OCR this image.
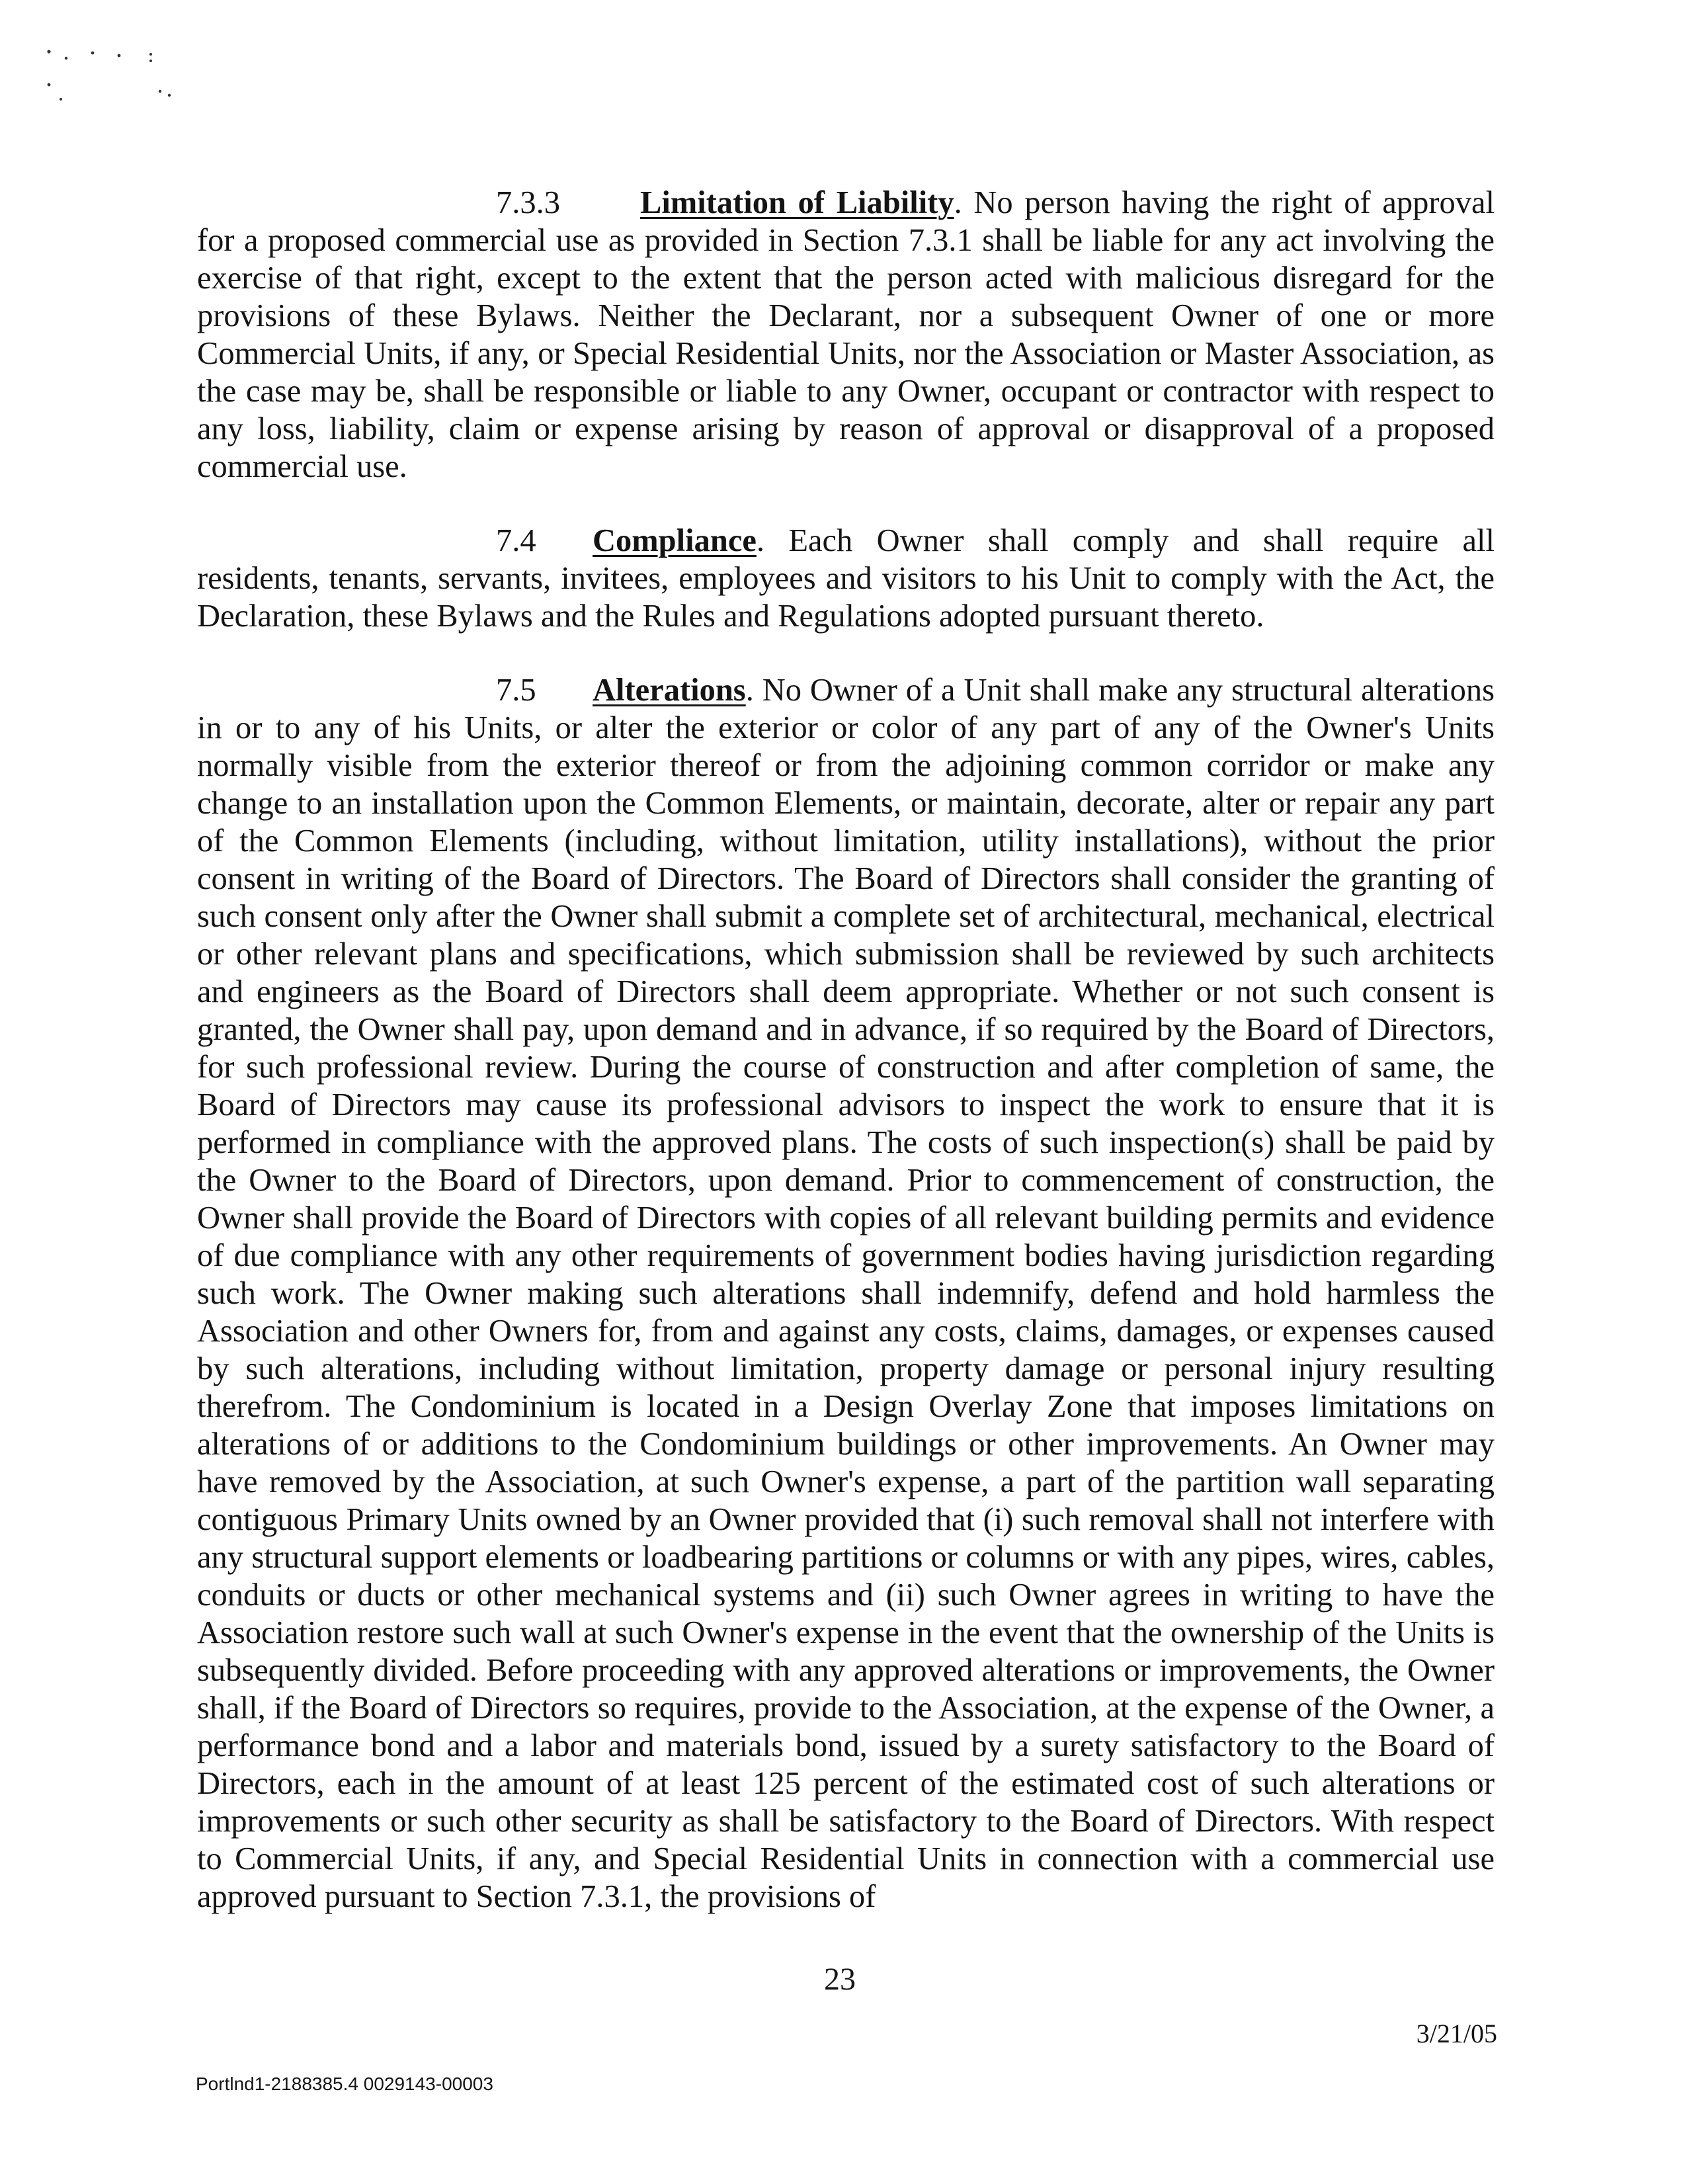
7.3.3 Limitation of Liability. No person having the right of approval for a proposed commercial use as provided in Section 7.3.1 shall be liable for any act involving the exercise of that right, except to the extent that the person acted with malicious disregard for the provisions of these Bylaws. Neither the Declarant, nor a subsequent Owner of one or more Commercial Units, if any, or Special Residential Units, nor the Association or Master Association, as the case may be, shall be responsible or liable to any Owner, occupant or contractor with respect to any loss, liability, claim or expense arising by reason of approval or disapproval of a proposed commercial use.

7.4 Compliance. Each Owner shall comply and shall require all residents, tenants, servants, invitees, employees and visitors to his Unit to comply with the Act, the Declaration, these Bylaws and the Rules and Regulations adopted pursuant thereto.

7.5 Alterations. No Owner of a Unit shall make any structural alterations in or to any of his Units, or alter the exterior or color of any part of any of the Owner's Units normally visible from the exterior thereof or from the adjoining common corridor or make any change to an installation upon the Common Elements, or maintain, decorate, alter or repair any part of the Common Elements (including, without limitation, utility installations), without the prior consent in writing of the Board of Directors. The Board of Directors shall consider the granting of such consent only after the Owner shall submit a complete set of architectural, mechanical, electrical or other relevant plans and specifications, which submission shall be reviewed by such architects and engineers as the Board of Directors shall deem appropriate. Whether or not such consent is granted, the Owner shall pay, upon demand and in advance, if so required by the Board of Directors, for such professional review. During the course of construction and after completion of same, the Board of Directors may cause its professional advisors to inspect the work to ensure that it is performed in compliance with the approved plans. The costs of such inspection(s) shall be paid by the Owner to the Board of Directors, upon demand. Prior to commencement of construction, the Owner shall provide the Board of Directors with copies of all relevant building permits and evidence of due compliance with any other requirements of government bodies having jurisdiction regarding such work. The Owner making such alterations shall indemnify, defend and hold harmless the Association and other Owners for, from and against any costs, claims, damages, or expenses caused by such alterations, including without limitation, property damage or personal injury resulting therefrom. The Condominium is located in a Design Overlay Zone that imposes limitations on alterations of or additions to the Condominium buildings or other improvements. An Owner may have removed by the Association, at such Owner's expense, a part of the partition wall separating contiguous Primary Units owned by an Owner provided that (i) such removal shall not interfere with any structural support elements or loadbearing partitions or columns or with any pipes, wires, cables, conduits or ducts or other mechanical systems and (ii) such Owner agrees in writing to have the Association restore such wall at such Owner's expense in the event that the ownership of the Units is subsequently divided. Before proceeding with any approved alterations or improvements, the Owner shall, if the Board of Directors so requires, provide to the Association, at the expense of the Owner, a performance bond and a labor and materials bond, issued by a surety satisfactory to the Board of Directors, each in the amount of at least 125 percent of the estimated cost of such alterations or improvements or such other security as shall be satisfactory to the Board of Directors. With respect to Commercial Units, if any, and Special Residential Units in connection with a commercial use approved pursuant to Section 7.3.1, the provisions of

23
3/21/05
Portlnd1-2188385.4 0029143-00003
